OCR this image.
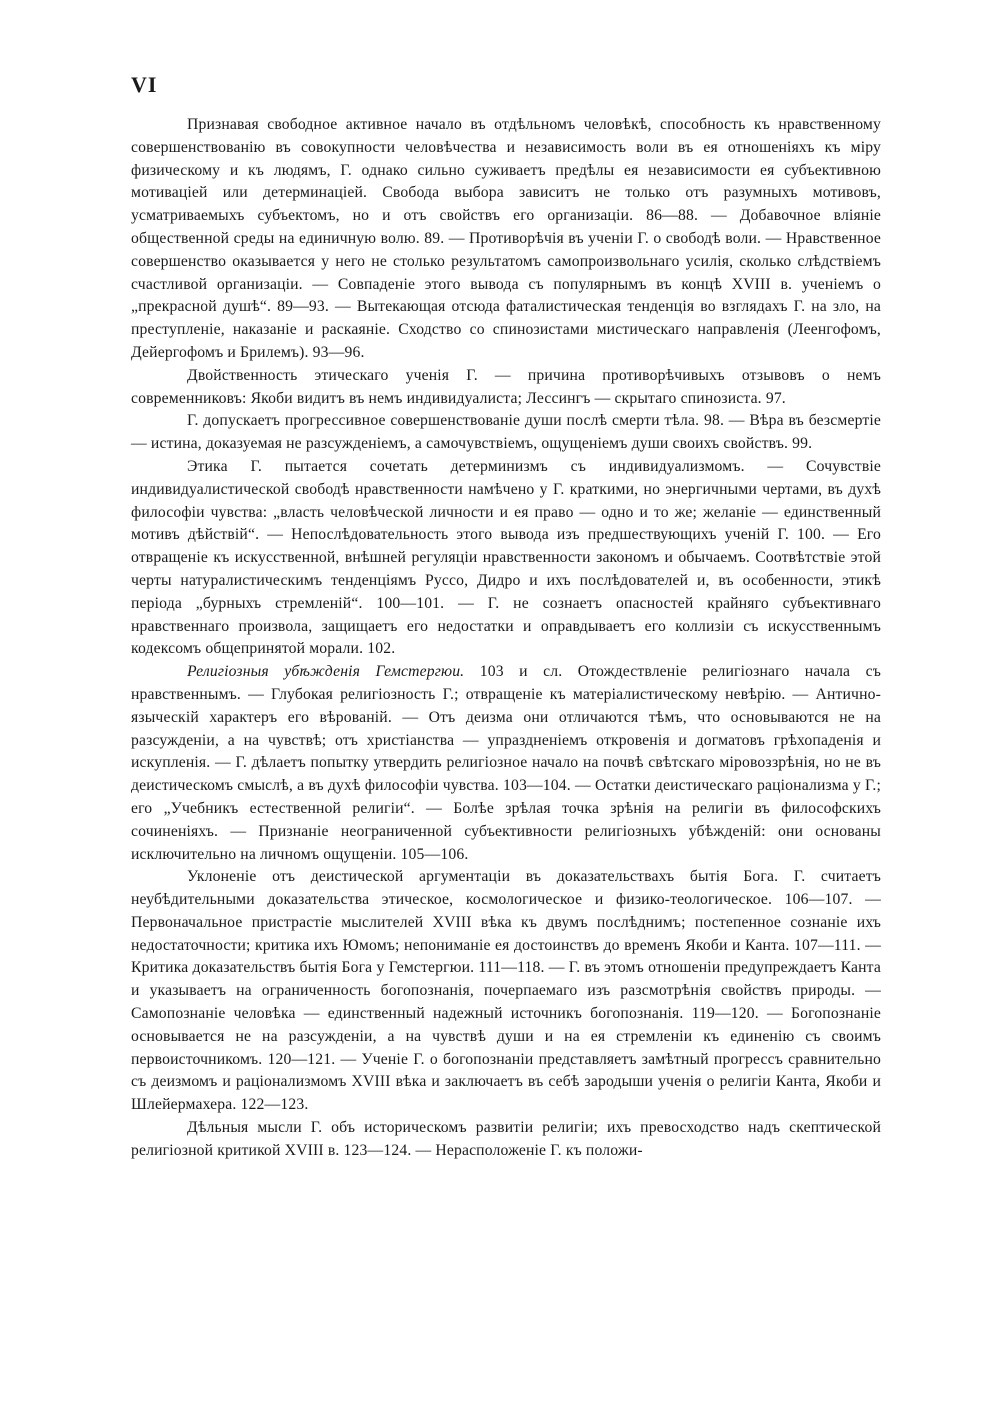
VI

Признавая свободное активное начало въ отдѣльномъ человѣкѣ, способность къ нравственному совершенствованію въ совокупности человѣчества и независимость воли въ ея отношеніяхъ къ міру физическому и къ людямъ, Г. однако сильно суживаетъ предѣлы ея независимости ея субъективною мотиваціей или детерминаціей. Свобода выбора зависитъ не только отъ разумныхъ мотивовъ, усматриваемыхъ субъектомъ, но и отъ свойствъ его организаціи. 86—88. — Добавочное вліяніе общественной среды на единичную волю. 89. — Противорѣчія въ ученіи Г. о свободѣ воли. — Нравственное совершенство оказывается у него не столько результатомъ самопроизвольнаго усилія, сколько слѣдствіемъ счастливой организаціи. — Совпаденіе этого вывода съ популярнымъ въ концѣ XVIII в. ученіемъ о „прекрасной душѣ“. 89—93. — Вытекающая отсюда фаталистическая тенденція во взглядахъ Г. на зло, на преступленіе, наказаніе и раскаяніе. Сходство со спинозистами мистическаго направленія (Леенгофомъ, Дейергофомъ и Брилемъ). 93—96.

Двойственность этическаго ученія Г. — причина противорѣчивыхъ отзывовъ о немъ современниковъ: Якоби видитъ въ немъ индивидуалиста; Лессингъ — скрытаго спинозиста. 97.

Г. допускаетъ прогрессивное совершенствованіе души послѣ смерти тѣла. 98. — Вѣра въ безсмертіе — истина, доказуемая не разсужденіемъ, а самочувствіемъ, ощущеніемъ души своихъ свойствъ. 99.

Этика Г. пытается сочетать детерминизмъ съ индивидуализмомъ. — Сочувствіе индивидуалистической свободѣ нравственности намѣчено у Г. краткими, но энергичными чертами, въ духѣ философіи чувства: „власть человѣческой личности и ея право — одно и то же; желаніе — единственный мотивъ дѣйствій“. — Непослѣдовательность этого вывода изъ предшествующихъ ученій Г. 100. — Его отвращеніе къ искусственной, внѣшней регуляціи нравственности закономъ и обычаемъ. Соотвѣтствіе этой черты натуралистическимъ тенденціямъ Руссо, Дидро и ихъ послѣдователей и, въ особенности, этикѣ періода „бурныхъ стремленій“. 100—101. — Г. не сознаетъ опасностей крайняго субъективнаго нравственнаго произвола, защищаетъ его недостатки и оправдываетъ его коллизіи съ искусственнымъ кодексомъ общепринятой морали. 102.

Религіозныя убѣжденія Гемстергюи. 103 и сл. Отождествленіе религіознаго начала съ нравственнымъ. — Глубокая религіозность Г.; отвращеніе къ матеріалистическому невѣрію. — Антично-языческій характеръ его вѣрованій. — Отъ деизма они отличаются тѣмъ, что основываются не на разсужденіи, а на чувствѣ; отъ христіанства — упраздненіемъ откровенія и догматовъ грѣхопаденія и искупленія. — Г. дѣлаетъ попытку утвердить религіозное начало на почвѣ свѣтскаго міровоззрѣнія, но не въ деистическомъ смыслѣ, а въ духѣ философіи чувства. 103—104. — Остатки деистическаго раціонализма у Г.; его „Учебникъ естественной религіи“. — Болѣе зрѣлая точка зрѣнія на религіи въ философскихъ сочиненіяхъ. — Признаніе неограниченной субъективности религіозныхъ убѣжденій: они основаны исключительно на личномъ ощущеніи. 105—106.

Уклоненіе отъ деистической аргументаціи въ доказательствахъ бытія Бога. Г. считаетъ неубѣдительными доказательства этическое, космологическое и физико-теологическое. 106—107. — Первоначальное пристрастіе мыслителей XVIII вѣка къ двумъ послѣднимъ; постепенное сознаніе ихъ недостаточности; критика ихъ Юмомъ; непониманіе ея достоинствъ до временъ Якоби и Канта. 107—111. — Критика доказательствъ бытія Бога у Гемстергюи. 111—118. — Г. въ этомъ отношеніи предупреждаетъ Канта и указываетъ на ограниченность богопознанія, почерпаемаго изъ разсмотрѣнія свойствъ природы. — Самопознаніе человѣка — единственный надежный источникъ богопознанія. 119—120. — Богопознаніе основывается не на разсужденіи, а на чувствѣ души и на ея стремленіи къ единенію съ своимъ первоисточникомъ. 120—121. — Ученіе Г. о богопознаніи представляетъ замѣтный прогрессъ сравнительно съ деизмомъ и раціонализмомъ XVIII вѣка и заключаетъ въ себѣ зародыши ученія о религіи Канта, Якоби и Шлейермахера. 122—123.

Дѣльныя мысли Г. объ историческомъ развитіи религіи; ихъ превосходство надъ скептической религіозной критикой XVIII в. 123—124. — Нерасположеніе Г. къ положи-
